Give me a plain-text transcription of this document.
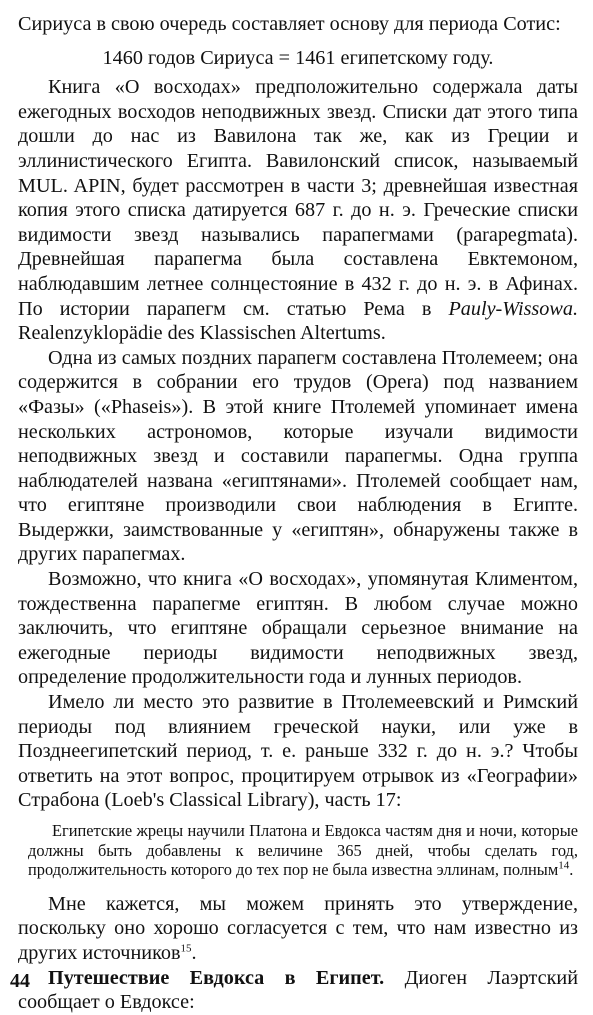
Сириуса в свою очередь составляет основу для периода Сотис:

1460 годов Сириуса = 1461 египетскому году.

Книга «О восходах» предположительно содержала даты ежегодных восходов неподвижных звезд. Списки дат этого типа дошли до нас из Вавилона так же, как из Греции и эллинистического Египта. Вавилонский список, называемый MUL. APIN, будет рассмотрен в части 3; древнейшая известная копия этого списка датируется 687 г. до н. э. Греческие списки видимости звезд назывались парапегмами (parapegmata). Древнейшая парапегма была составлена Евктемоном, наблюдавшим летнее солнцестояние в 432 г. до н. э. в Афинах. По истории парапегм см. статью Рема в Pauly-Wissowa. Realenzyklopädie des Klassischen Altertums.

Одна из самых поздних парапегм составлена Птолемеем; она содержится в собрании его трудов (Opera) под названием «Фазы» («Phaseis»). В этой книге Птолемей упоминает имена нескольких астрономов, которые изучали видимости неподвижных звезд и составили парапегмы. Одна группа наблюдателей названа «египтянами». Птолемей сообщает нам, что египтяне производили свои наблюдения в Египте. Выдержки, заимствованные у «египтян», обнаружены также в других парапегмах.

Возможно, что книга «О восходах», упомянутая Климентом, тождественна парапегме египтян. В любом случае можно заключить, что египтяне обращали серьезное внимание на ежегодные периоды видимости неподвижных звезд, определение продолжительности года и лунных периодов.

Имело ли место это развитие в Птолемеевский и Римский периоды под влиянием греческой науки, или уже в Позднеегипетский период, т. е. раньше 332 г. до н. э.? Чтобы ответить на этот вопрос, процитируем отрывок из «Географии» Страбона (Loeb's Classical Library), часть 17:

Египетские жрецы научили Платона и Евдокса частям дня и ночи, которые должны быть добавлены к величине 365 дней, чтобы сделать год, продолжительность которого до тех пор не была известна эллинам, полным$^{14}$.

Мне кажется, мы можем принять это утверждение, поскольку оно хорошо согласуется с тем, что нам известно из других источников$^{15}$.

Путешествие Евдокса в Египет. Диоген Лаэртский сообщает о Евдоксе:

44
